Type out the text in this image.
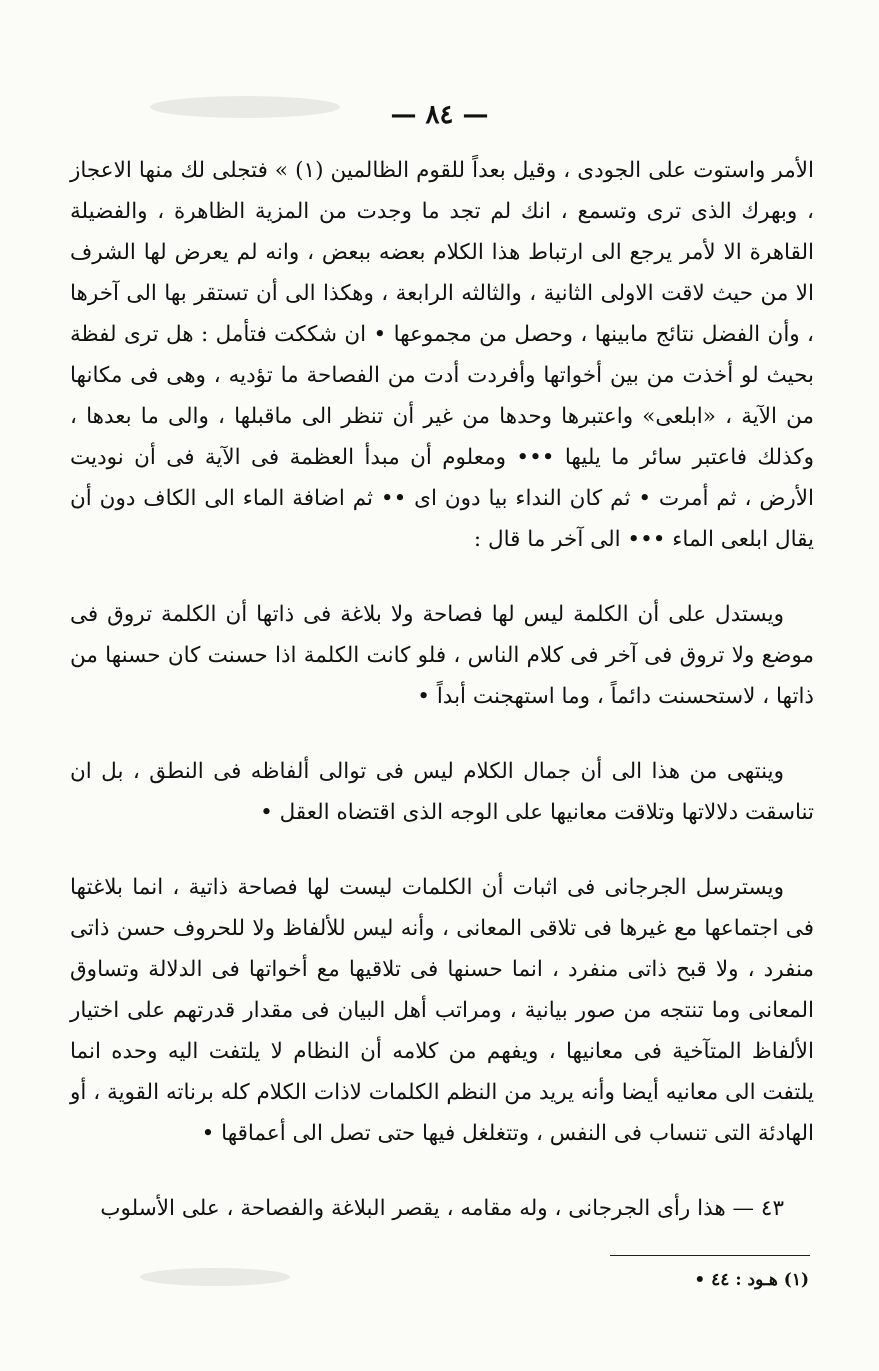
— ٨٤ —

الأمر واستوت على الجودى ، وقيل بعداً للقوم الظالمين (١) » فتجلى لك منها الاعجاز ، وبهرك الذى ترى وتسمع ، انك لم تجد ما وجدت من المزية الظاهرة ، والفضيلة القاهرة الا لأمر يرجع الى ارتباط هذا الكلام بعضه ببعض ، وانه لم يعرض لها الشرف الا من حيث لاقت الاولى الثانية ، والثالثه الرابعة ، وهكذا الى أن تستقر بها الى آخرها ، وأن الفضل نتائج مابينها ، وحصل من مجموعها • ان شككت فتأمل : هل ترى لفظة بحيث لو أخذت من بين أخواتها وأفردت أدت من الفصاحة ما تؤديه ، وهى فى مكانها من الآية ، «ابلعى» واعتبرها وحدها من غير أن تنظر الى ماقبلها ، والى ما بعدها ، وكذلك فاعتبر سائر ما يليها ••• ومعلوم أن مبدأ العظمة فى الآية فى أن نوديت الأرض ، ثم أمرت • ثم كان النداء بيا دون اى •• ثم اضافة الماء الى الكاف دون أن يقال ابلعى الماء ••• الى آخر ما قال :

ويستدل على أن الكلمة ليس لها فصاحة ولا بلاغة فى ذاتها أن الكلمة تروق فى موضع ولا تروق فى آخر فى كلام الناس ، فلو كانت الكلمة اذا حسنت كان حسنها من ذاتها ، لاستحسنت دائماً ، وما استهجنت أبداً •

وينتهى من هذا الى أن جمال الكلام ليس فى توالى ألفاظه فى النطق ، بل ان تناسقت دلالاتها وتلاقت معانيها على الوجه الذى اقتضاه العقل •

ويسترسل الجرجانى فى اثبات أن الكلمات ليست لها فصاحة ذاتية ، انما بلاغتها فى اجتماعها مع غيرها فى تلاقى المعانى ، وأنه ليس للألفاظ ولا للحروف حسن ذاتى منفرد ، ولا قبح ذاتى منفرد ، انما حسنها فى تلاقيها مع أخواتها فى الدلالة وتساوق المعانى وما تنتجه من صور بيانية ، ومراتب أهل البيان فى مقدار قدرتهم على اختيار الألفاظ المتآخية فى معانيها ، ويفهم من كلامه أن النظام لا يلتفت اليه وحده انما يلتفت الى معانيه أيضا وأنه يريد من النظم الكلمات لاذات الكلام كله برناته القوية ، أو الهادئة التى تنساب فى النفس ، وتتغلغل فيها حتى تصل الى أعماقها •

٤٣ — هذا رأى الجرجانى ، وله مقامه ، يقصر البلاغة والفصاحة ، على الأسلوب

(١) هـود : ٤٤ •
